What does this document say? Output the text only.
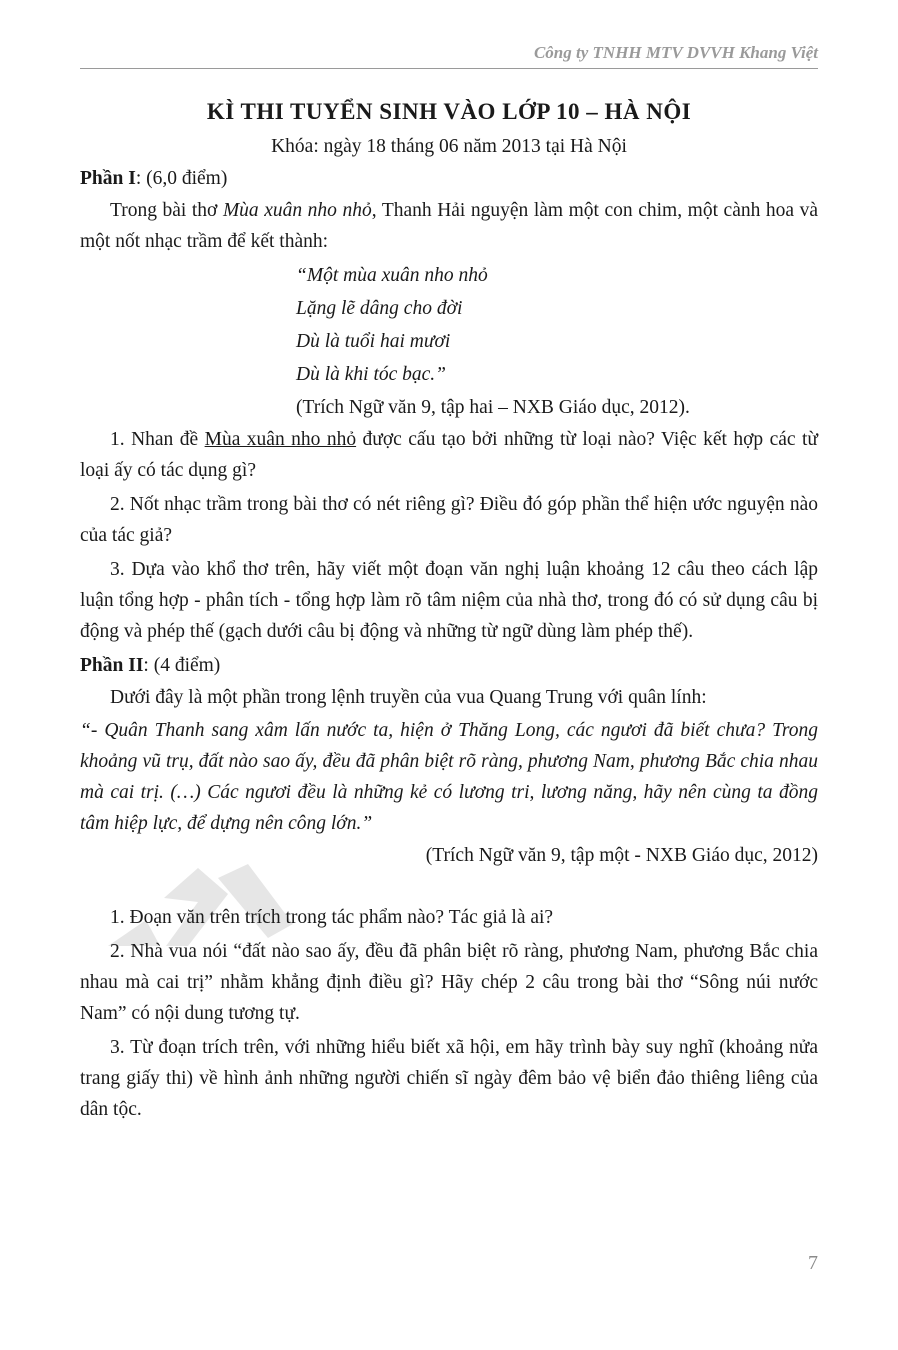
Công ty TNHH MTV DVVH Khang Việt
KÌ THI TUYỂN SINH VÀO LỚP 10 – HÀ NỘI

Khóa: ngày 18 tháng 06 năm 2013 tại Hà Nội

Phần I: (6,0 điểm)

Trong bài thơ Mùa xuân nho nhỏ, Thanh Hải nguyện làm một con chim, một cành hoa và một nốt nhạc trầm để kết thành:

“Một mùa xuân nho nhỏ
Lặng lẽ dâng cho đời
Dù là tuổi hai mươi
Dù là khi tóc bạc.”
(Trích Ngữ văn 9, tập hai – NXB Giáo dục, 2012).

1. Nhan đề Mùa xuân nho nhỏ được cấu tạo bởi những từ loại nào? Việc kết hợp các từ loại ấy có tác dụng gì?

2. Nốt nhạc trầm trong bài thơ có nét riêng gì? Điều đó góp phần thể hiện ước nguyện nào của tác giả?

3. Dựa vào khổ thơ trên, hãy viết một đoạn văn nghị luận khoảng 12 câu theo cách lập luận tổng hợp - phân tích - tổng hợp làm rõ tâm niệm của nhà thơ, trong đó có sử dụng câu bị động và phép thế (gạch dưới câu bị động và những từ ngữ dùng làm phép thế).

Phần II: (4 điểm)

Dưới đây là một phần trong lệnh truyền của vua Quang Trung với quân lính:

“- Quân Thanh sang xâm lấn nước ta, hiện ở Thăng Long, các ngươi đã biết chưa? Trong khoảng vũ trụ, đất nào sao ấy, đều đã phân biệt rõ ràng, phương Nam, phương Bắc chia nhau mà cai trị. (…) Các ngươi đều là những kẻ có lương tri, lương năng, hãy nên cùng ta đồng tâm hiệp lực, để dựng nên công lớn.”

(Trích Ngữ văn 9, tập một - NXB Giáo dục, 2012)

1. Đoạn văn trên trích trong tác phẩm nào? Tác giả là ai?

2. Nhà vua nói “đất nào sao ấy, đều đã phân biệt rõ ràng, phương Nam, phương Bắc chia nhau mà cai trị” nhằm khẳng định điều gì? Hãy chép 2 câu trong bài thơ “Sông núi nước Nam” có nội dung tương tự.

3. Từ đoạn trích trên, với những hiểu biết xã hội, em hãy trình bày suy nghĩ (khoảng nửa trang giấy thi) về hình ảnh những người chiến sĩ ngày đêm bảo vệ biển đảo thiêng liêng của dân tộc.

7
